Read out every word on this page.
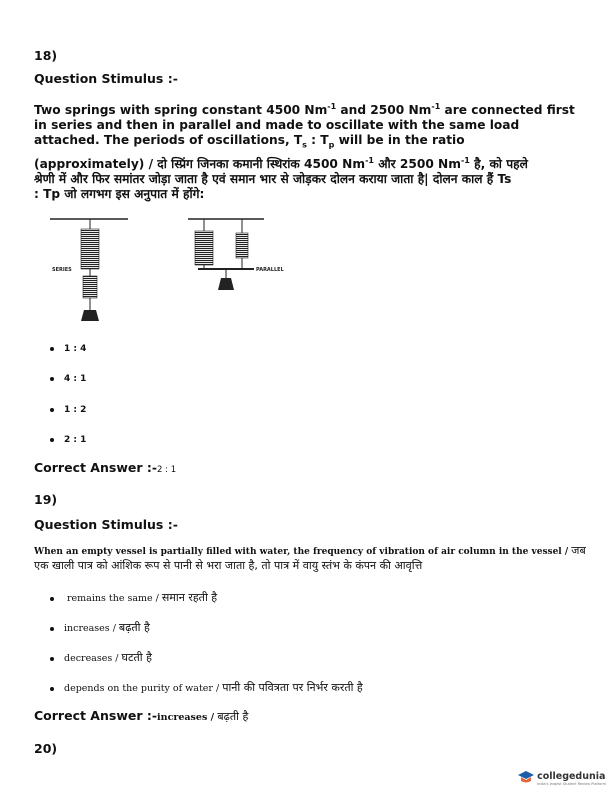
18)
Question Stimulus :-
Two springs with spring constant 4500 $Nm^{-1}$ and 2500 $Nm^{-1}$ are connected first
in series and then in parallel and made to oscillate with the same load
attached. The periods of oscillations, $T_s$ : $T_p$ will be in the ratio
(approximately) / दो स्प्रिंग जिनका कमानी स्थिरांक 4500 $Nm^{-1}$ और 2500 $Nm^{-1}$ है, को पहले
श्रेणी में और फिर समांतर जोड़ा जाता है एवं समान भार से जोड़कर दोलन कराया जाता है| दोलन काल हैं Ts
: Tp जो लगभग इस अनुपात में होंगे:
SERIES	PARALLEL
1 : 4
4 : 1
1 : 2
2 : 1
Correct Answer :-2 : 1
19)
Question Stimulus :-
When an empty vessel is partially filled with water, the frequency of vibration of air column in the vessel / जब
एक खाली पात्र को आंशिक रूप से पानी से भरा जाता है, तो पात्र में वायु स्तंभ के कंपन की आवृत्ति
remains the same / समान रहती है
increases / बढ़ती है
decreases / घटती है
depends on the purity of water / पानी की पवित्रता पर निर्भर करती है
Correct Answer :-increases / बढ़ती है
20)
collegedunia
India's largest Student Review Platform
